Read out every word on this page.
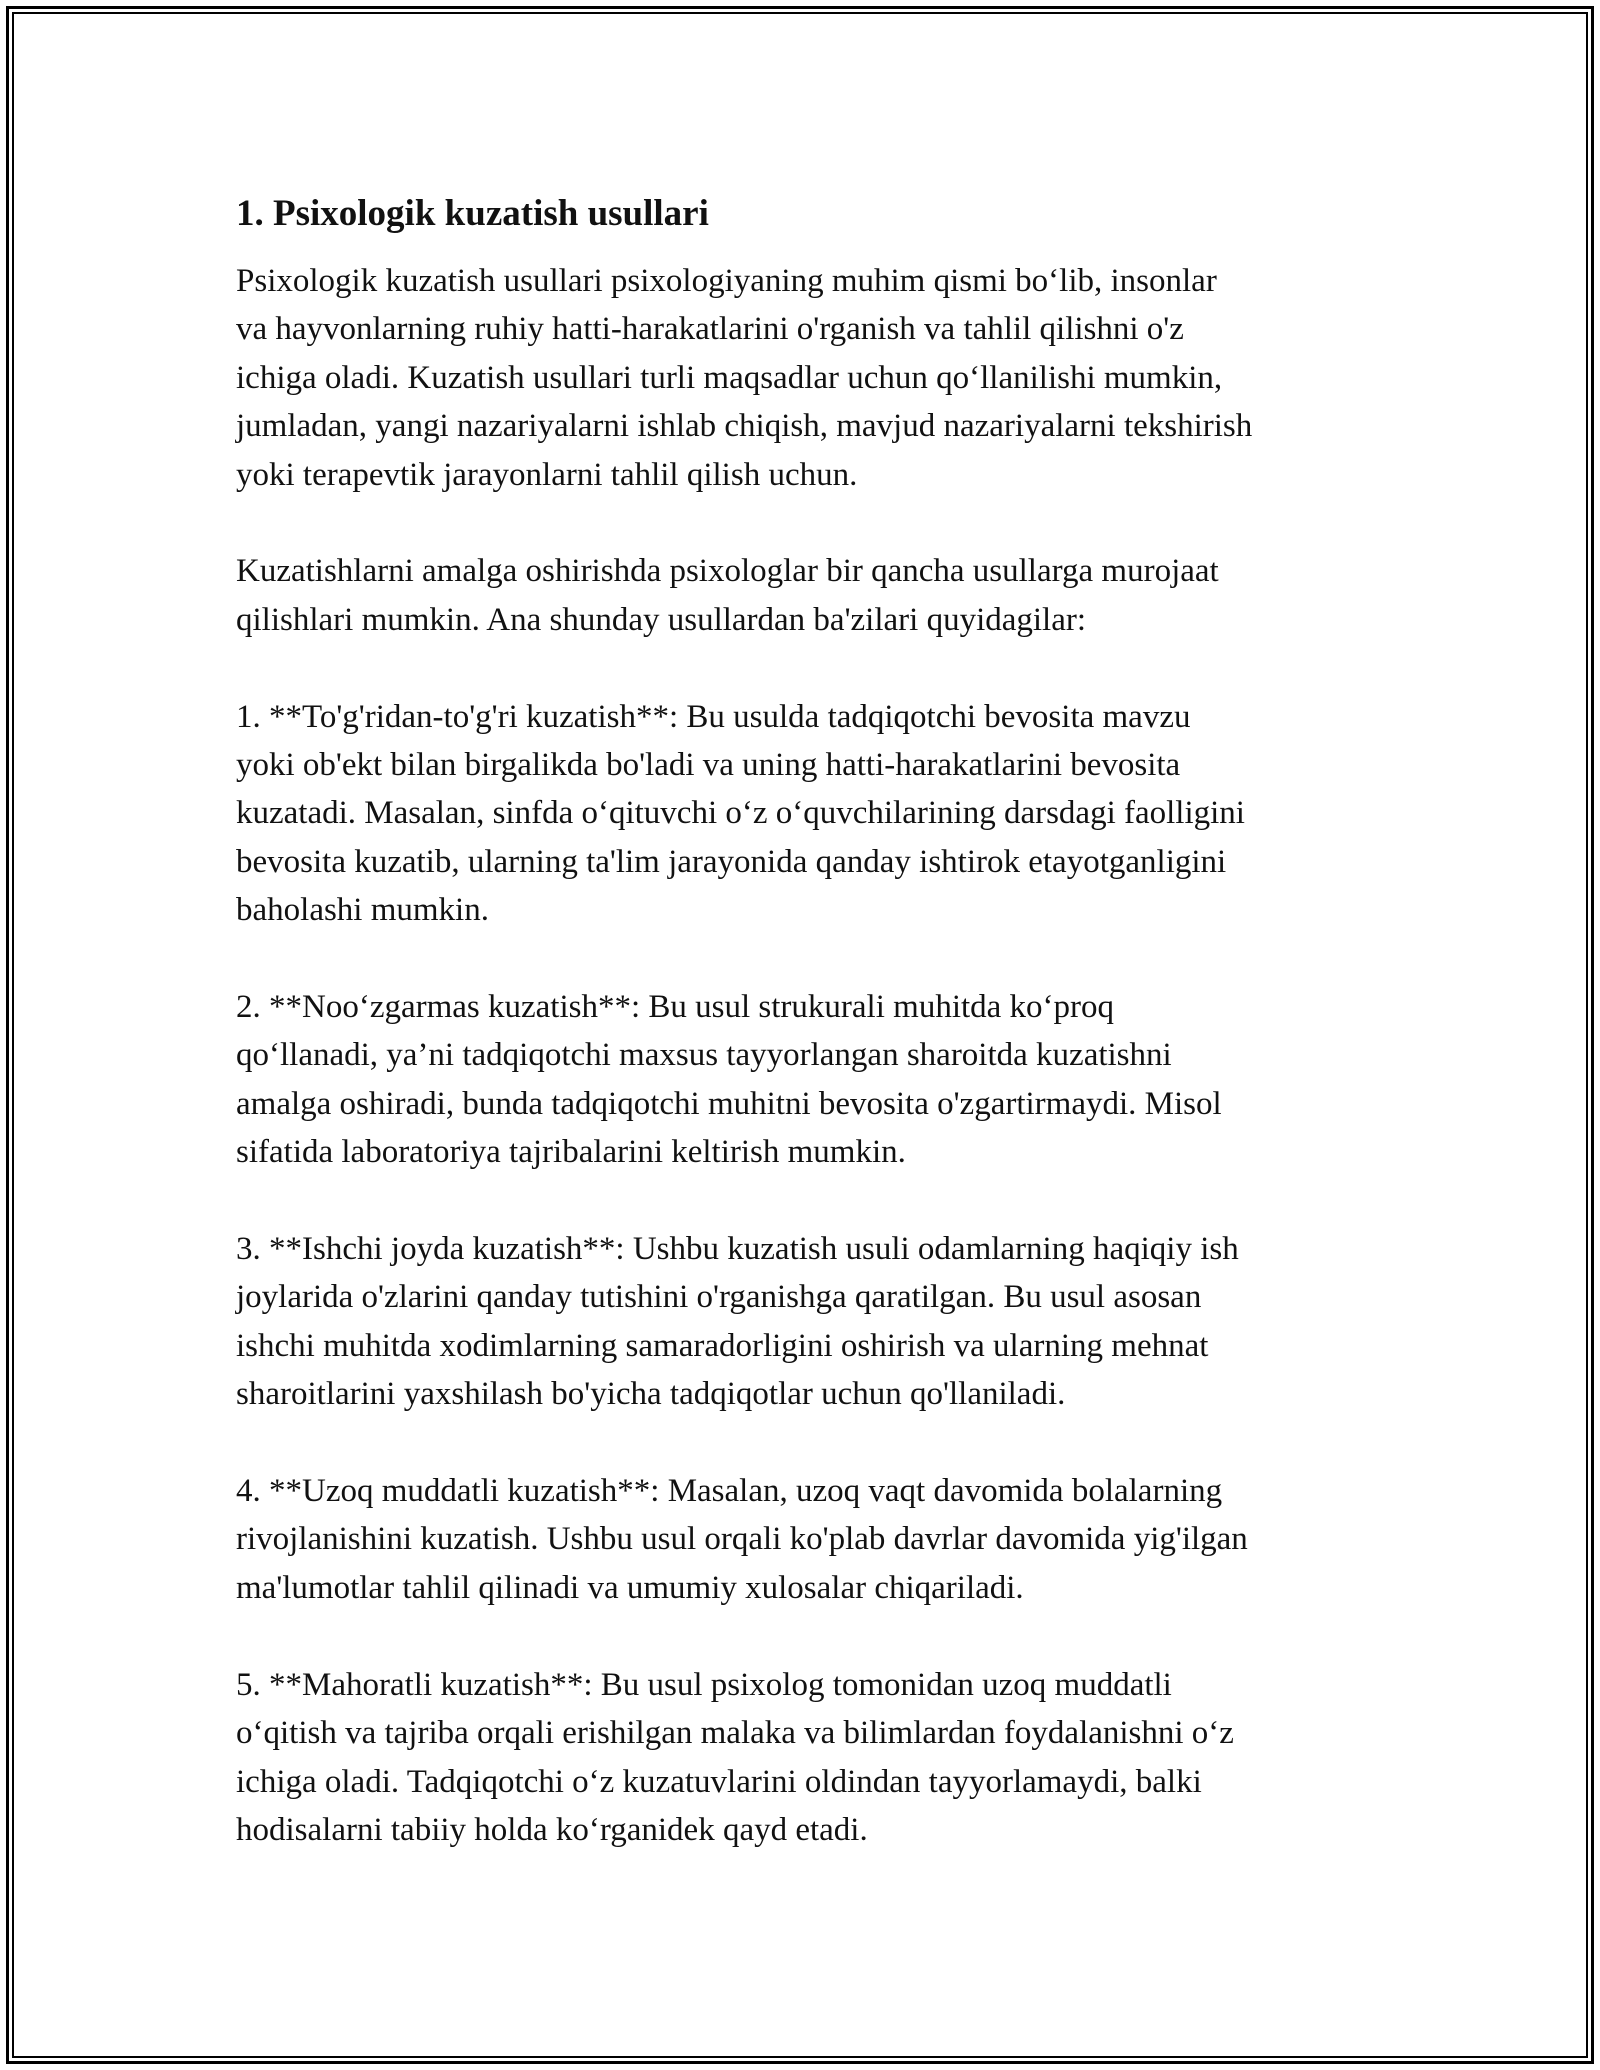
1. Psixologik kuzatish usullari

Psixologik kuzatish usullari psixologiyaning muhim qismi bo‘lib, insonlar
va hayvonlarning ruhiy hatti-harakatlarini o'rganish va tahlil qilishni o'z
ichiga oladi. Kuzatish usullari turli maqsadlar uchun qo‘llanilishi mumkin,
jumladan, yangi nazariyalarni ishlab chiqish, mavjud nazariyalarni tekshirish
yoki terapevtik jarayonlarni tahlil qilish uchun.

Kuzatishlarni amalga oshirishda psixologlar bir qancha usullarga murojaat
qilishlari mumkin. Ana shunday usullardan ba'zilari quyidagilar:

1. **To'g'ridan-to'g'ri kuzatish**: Bu usulda tadqiqotchi bevosita mavzu
yoki ob'ekt bilan birgalikda bo'ladi va uning hatti-harakatlarini bevosita
kuzatadi. Masalan, sinfda o‘qituvchi o‘z o‘quvchilarining darsdagi faolligini
bevosita kuzatib, ularning ta'lim jarayonida qanday ishtirok etayotganligini
baholashi mumkin.

2. **Noo‘zgarmas kuzatish**: Bu usul strukurali muhitda ko‘proq
qo‘llanadi, ya’ni tadqiqotchi maxsus tayyorlangan sharoitda kuzatishni
amalga oshiradi, bunda tadqiqotchi muhitni bevosita o'zgartirmaydi. Misol
sifatida laboratoriya tajribalarini keltirish mumkin.

3. **Ishchi joyda kuzatish**: Ushbu kuzatish usuli odamlarning haqiqiy ish
joylarida o'zlarini qanday tutishini o'rganishga qaratilgan. Bu usul asosan
ishchi muhitda xodimlarning samaradorligini oshirish va ularning mehnat
sharoitlarini yaxshilash bo'yicha tadqiqotlar uchun qo'llaniladi.

4. **Uzoq muddatli kuzatish**: Masalan, uzoq vaqt davomida bolalarning
rivojlanishini kuzatish. Ushbu usul orqali ko'plab davrlar davomida yig'ilgan
ma'lumotlar tahlil qilinadi va umumiy xulosalar chiqariladi.

5. **Mahoratli kuzatish**: Bu usul psixolog tomonidan uzoq muddatli
o‘qitish va tajriba orqali erishilgan malaka va bilimlardan foydalanishni o‘z
ichiga oladi. Tadqiqotchi o‘z kuzatuvlarini oldindan tayyorlamaydi, balki
hodisalarni tabiiy holda ko‘rganidek qayd etadi.
